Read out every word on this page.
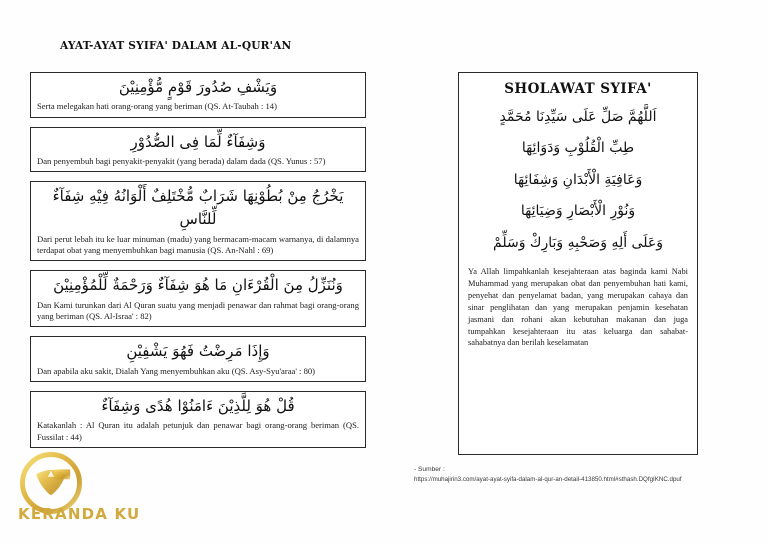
AYAT-AYAT SYIFA' DALAM AL-QUR'AN
وَيَشْفِ صُدُورَ قَوْمٍ مُّؤْمِنِيْنَ
Serta melegakan hati orang-orang yang beriman (QS. At-Taubah : 14)
وَشِفَآءٌ لِّمَا فِى الصُّدُوْرِ
Dan penyembuh bagi penyakit-penyakit (yang berada) dalam dada (QS. Yunus : 57)
يَخْرُجُ مِنْ بُطُوْنِهَا شَرَابٌ مُّخْتَلِفٌ أَلْوَانُهُ فِيْهِ شِفَآءٌ لِّلنَّاسِ
Dari perut lebah itu ke luar minuman (madu) yang bermacam-macam warnanya, di dalamnya terdapat obat yang menyembuhkan bagi manusia (QS. An-Nahl : 69)
وَنُنَزِّلُ مِنَ الْقُرْءَانِ مَا هُوَ شِفَآءٌ وَرَحْمَةٌ لِّلْمُؤْمِنِيْنَ
Dan Kami turunkan dari Al Quran suatu yang menjadi penawar dan rahmat bagi orang-orang yang beriman (QS. Al-Israa' : 82)
وَإِذَا مَرِضْتُ فَهُوَ يَشْفِيْنِ
Dan apabila aku sakit, Dialah Yang menyembuhkan aku (QS. Asy-Syu'araa' : 80)
قُلْ هُوَ لِلَّذِيْنَ ءَامَنُوْا هُدًى وَشِفَآءٌ
Katakanlah : Al Quran itu adalah petunjuk dan penawar bagi orang-orang beriman (QS. Fussilat : 44)
SHOLAWAT SYIFA'
اَللَّهُمَّ صَلِّ عَلَى سَيِّدِنَا مُحَمَّدٍ
طِبِّ الْقُلُوْبِ وَدَوَائِهَا
وَعَافِيَةِ الْأَبْدَانِ وَشِفَائِهَا
وَنُوْرِ الْأَبْصَارِ وَضِيَائِهَا
وَعَلَى أَلِهِ وَصَحْبِهِ وَبَارِكْ وَسَلِّمْ
Ya Allah limpahkanlah kesejahteraan atas baginda kami Nabi Muhammad yang merupakan obat dan penyembuhan hati kami, penyehat dan penyelamat badan, yang merupakan cahaya dan sinar penglihatan dan yang merupakan penjamin kesehatan jasmani dan rohani akan kebutuhan makanan dan juga tumpahkan kesejahteraan itu atas keluarga dan sahabat-sahabatnya dan berilah keselamatan
- Sumber :
https://muhajirin3.com/ayat-ayat-syifa-dalam-al-qur-an-detail-413850.html#sthash.DQfgIKNC.dpuf
KERANDA KU
